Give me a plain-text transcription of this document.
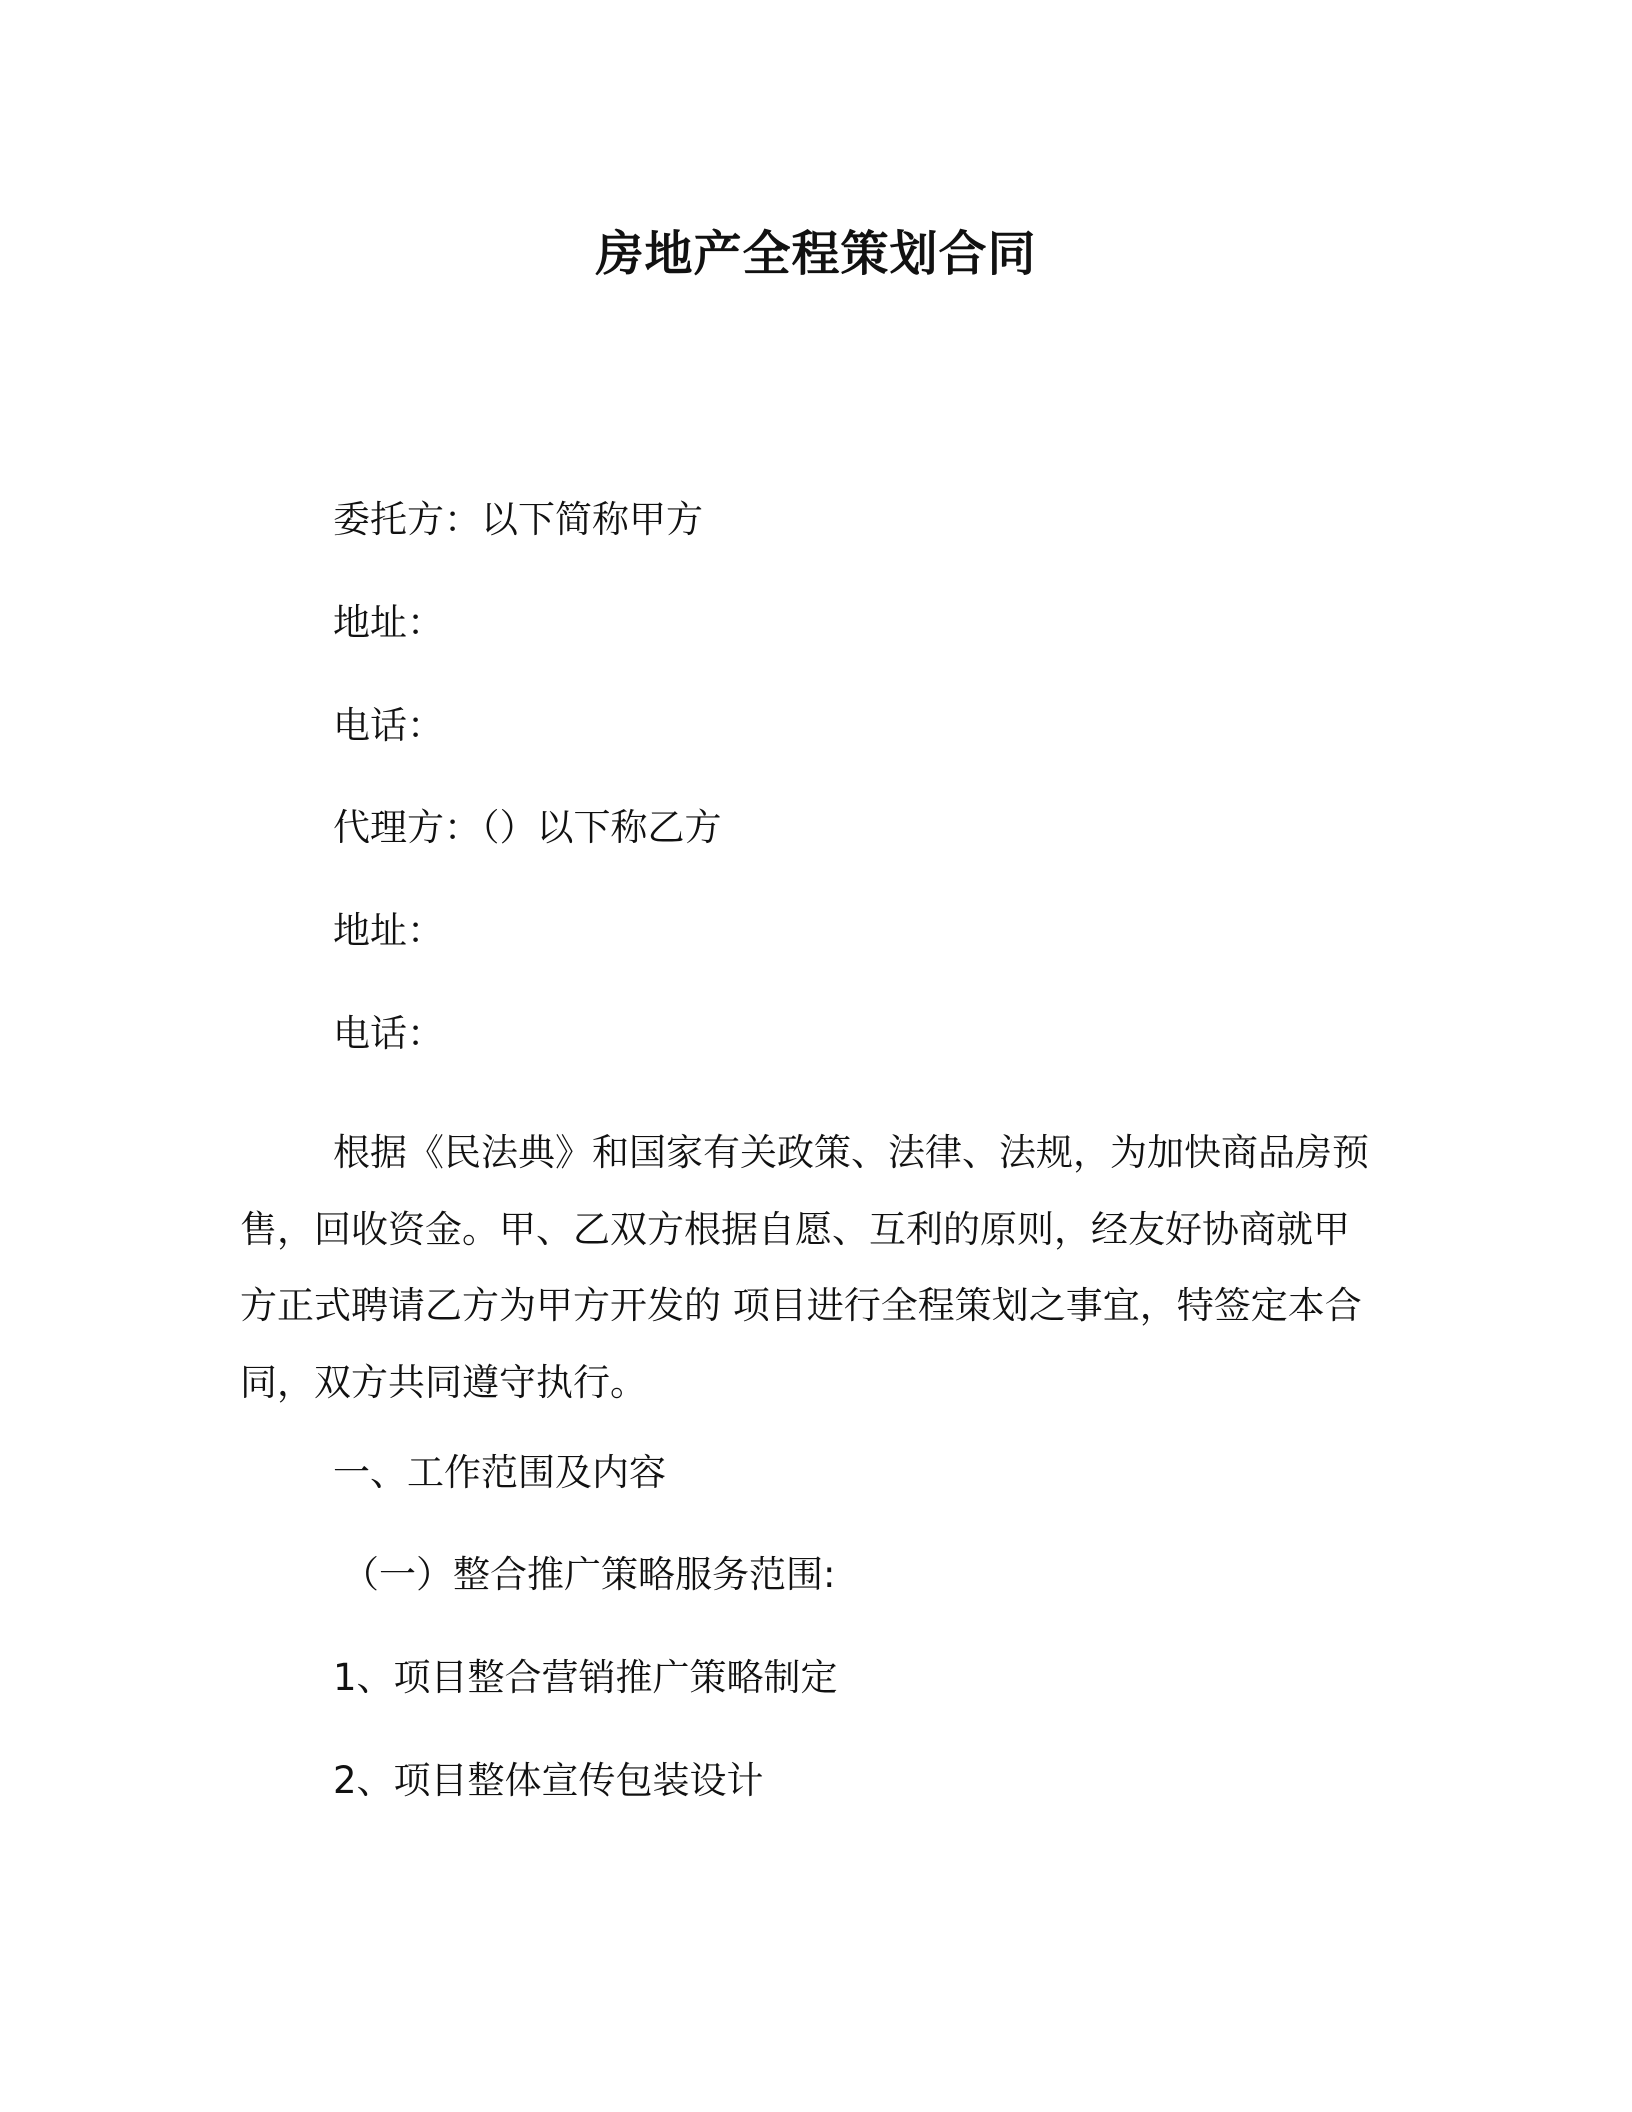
房地产全程策划合同
委托方：以下简称甲方
地址：
电话：
代理方：（）以下称乙方
地址：
电话：
根据《民法典》和国家有关政策、法律、法规，为加快商品房预售，回收资金。甲、乙双方根据自愿、互利的原则，经友好协商就甲方正式聘请乙方为甲方开发的 项目进行全程策划之事宜，特签定本合同，双方共同遵守执行。
一、工作范围及内容
（一）整合推广策略服务范围:
1、项目整合营销推广策略制定
2、项目整体宣传包装设计
